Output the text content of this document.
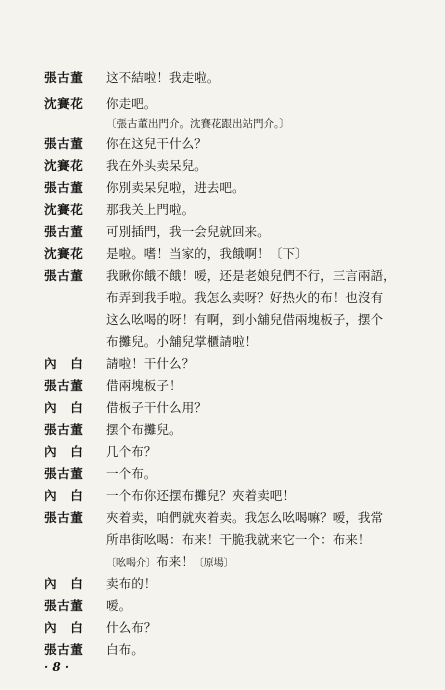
張古董 这不結啦！我走啦。
沈賽花 你走吧。
〔張古董出門介。沈賽花跟出站門介。〕
張古董 你在这兒干什么？
沈賽花 我在外头卖呆兒。
張古董 你別卖呆兒啦，进去吧。
沈賽花 那我关上門啦。
張古董 可別插門，我一会兒就回来。
沈賽花 是啦。嗜！当家的，我餓啊！〔下〕
張古董 我瞅你餓不餓！嗳，还是老娘兒們不行，三言兩語，
布弄到我手啦。我怎么卖呀？好热火的布！也沒有
这么吆喝的呀！有啊，到小舖兒借兩塊板子，摆个
布攤兒。小舖兒掌櫃請啦！
內　白 請啦！干什么？
張古董 借兩塊板子！
內　白 借板子干什么用？
張古董 摆个布攤兒。
內　白 几个布？
張古董 一个布。
內　白 一个布你还摆布攤兒？夾着卖吧！
張古董 夾着卖，咱們就夾着卖。我怎么吆喝嘛？嗳，我常
所串街吆喝：布来！干脆我就来它一个：布来！
〔吆喝介〕布来！〔原場〕
內　白 卖布的！
張古董 嗳。
內　白 什么布？
張古董 白布。
· 8 ·
